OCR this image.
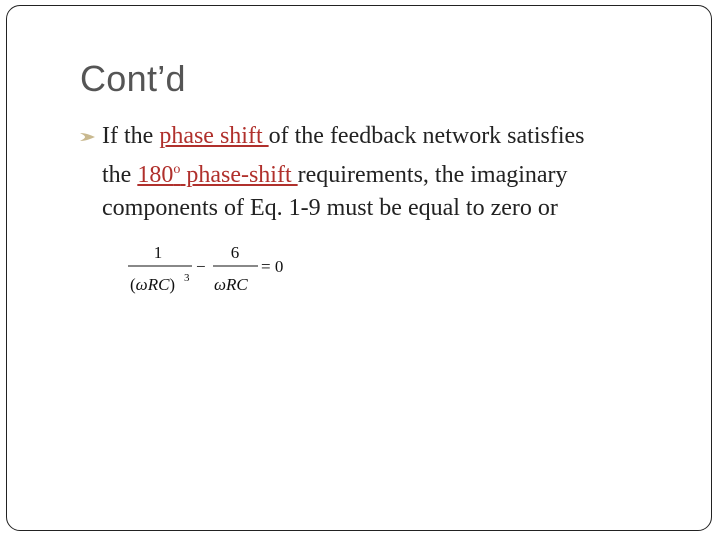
Cont’d
If the phase shift of the feedback network satisfies
the 180$^o$ phase-shift requirements, the imaginary
components of Eq. 1-9 must be equal to zero or
1
(ωRC) 3
−
6
ωRC
= 0
